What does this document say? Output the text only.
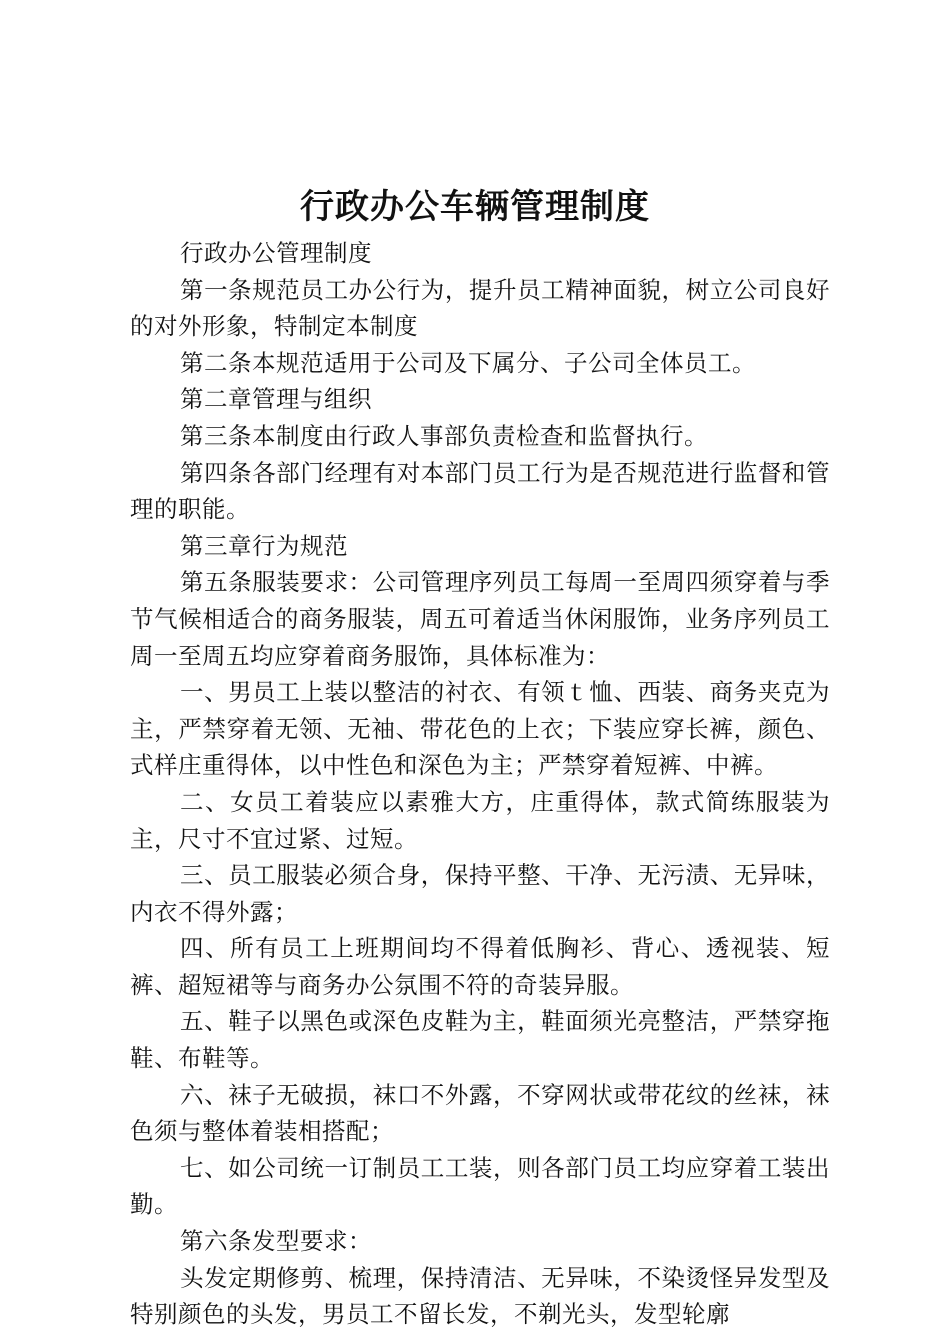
行政办公车辆管理制度

行政办公管理制度

第一条规范员工办公行为，提升员工精神面貌，树立公司良好的对外形象，特制定本制度

第二条本规范适用于公司及下属分、子公司全体员工。

第二章管理与组织

第三条本制度由行政人事部负责检查和监督执行。

第四条各部门经理有对本部门员工行为是否规范进行监督和管理的职能。

第三章行为规范

第五条服装要求：公司管理序列员工每周一至周四须穿着与季节气候相适合的商务服装，周五可着适当休闲服饰，业务序列员工周一至周五均应穿着商务服饰，具体标准为：

一、男员工上装以整洁的衬衣、有领ｔ恤、西装、商务夹克为主，严禁穿着无领、无袖、带花色的上衣；下装应穿长裤，颜色、式样庄重得体，以中性色和深色为主；严禁穿着短裤、中裤。

二、女员工着装应以素雅大方，庄重得体，款式简练服装为主，尺寸不宜过紧、过短。

三、员工服装必须合身，保持平整、干净、无污渍、无异味，内衣不得外露；

四、所有员工上班期间均不得着低胸衫、背心、透视装、短裤、超短裙等与商务办公氛围不符的奇装异服。

五、鞋子以黑色或深色皮鞋为主，鞋面须光亮整洁，严禁穿拖鞋、布鞋等。

六、袜子无破损，袜口不外露，不穿网状或带花纹的丝袜，袜色须与整体着装相搭配；

七、如公司统一订制员工工装，则各部门员工均应穿着工装出勤。

第六条发型要求：

头发定期修剪、梳理，保持清洁、无异味，不染烫怪异发型及特别颜色的头发，男员工不留长发，不剃光头，发型轮廓
